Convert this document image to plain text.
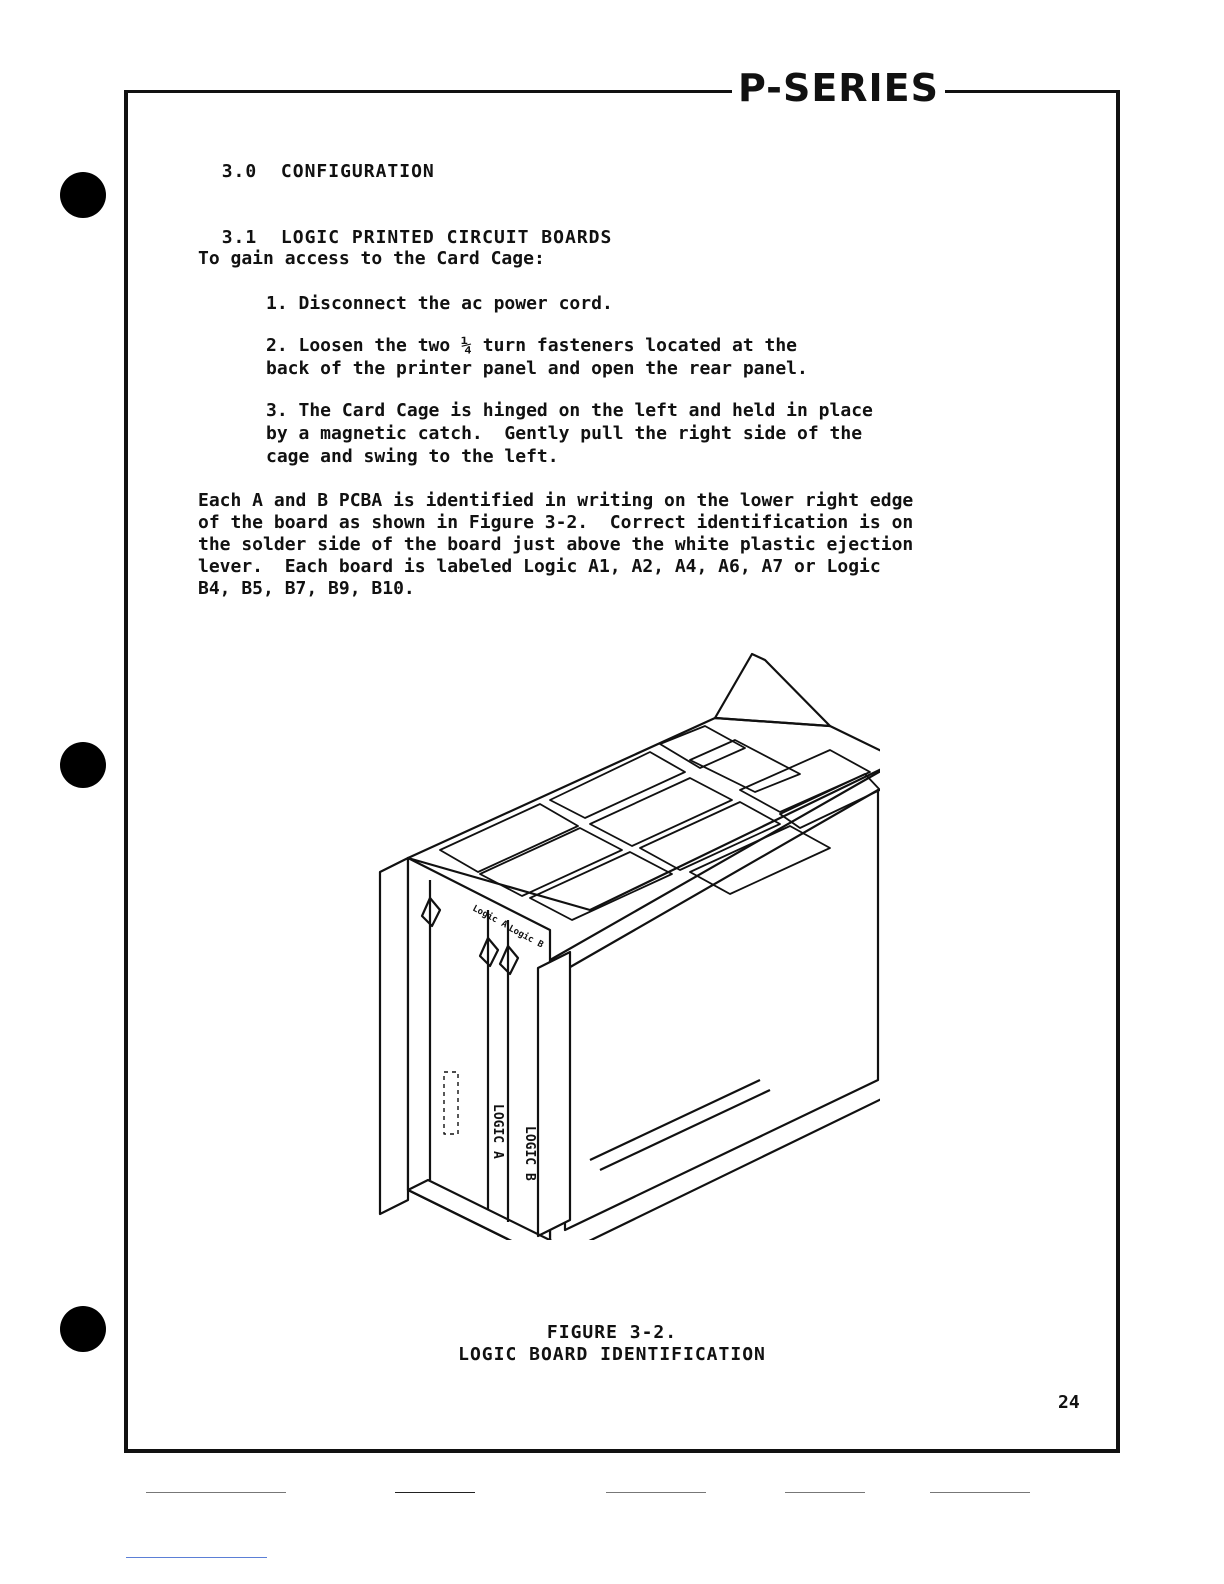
P-SERIES

3.0 CONFIGURATION

3.1 LOGIC PRINTED CIRCUIT BOARDS

To gain access to the Card Cage:
1. Disconnect the ac power cord.
2. Loosen the two ¼ turn fasteners located at the
back of the printer panel and open the rear panel.
3. The Card Cage is hinged on the left and held in place
by a magnetic catch.  Gently pull the right side of the
cage and swing to the left.
Each A and B PCBA is identified in writing on the lower right edge
of the board as shown in Figure 3-2.  Correct identification is on
the solder side of the board just above the white plastic ejection
lever.  Each board is labeled Logic A1, A2, A4, A6, A7 or Logic
B4, B5, B7, B9, B10.
Logic A
Logic B
LOGIC A LOGIC B
FIGURE 3-2.
LOGIC BOARD IDENTIFICATION
24
